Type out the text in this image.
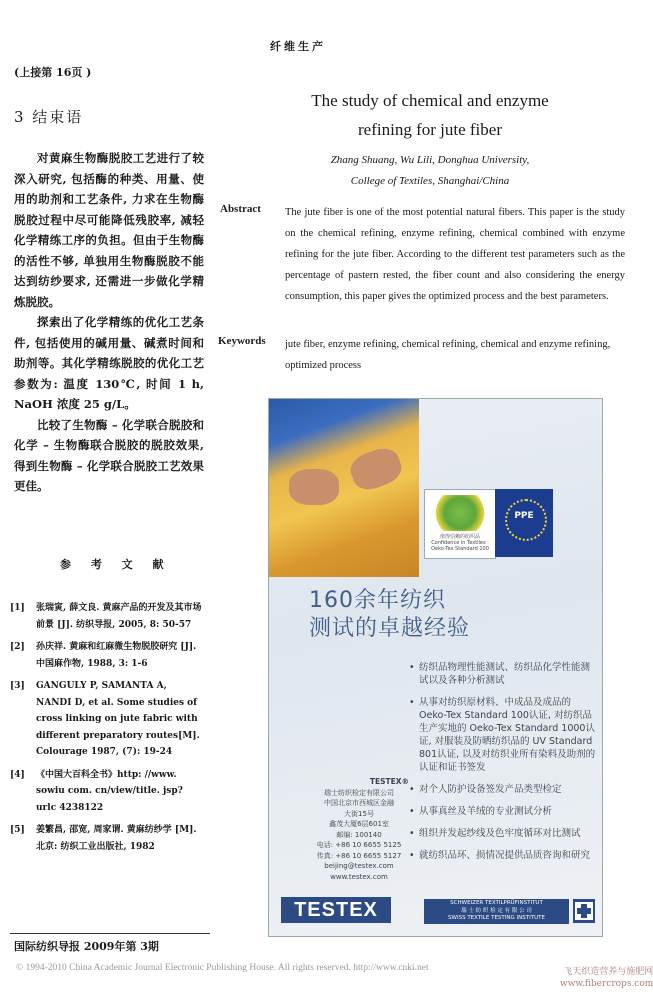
纤维生产
(上接第 16页 )
3 结束语

对黄麻生物酶脱胶工艺进行了较深入研究, 包括酶的种类、用量、使用的助剂和工艺条件, 力求在生物酶脱胶过程中尽可能降低残胶率, 减轻化学精练工序的负担。但由于生物酶的活性不够, 单独用生物酶脱胶不能达到纺纱要求, 还需进一步做化学精炼脱胶。

探索出了化学精练的优化工艺条件, 包括使用的碱用量、碱煮时间和助剂等。其化学精练脱胶的优化工艺参数为: 温度 130℃, 时间 1 h, NaOH 浓度 25 g/L。

比较了生物酶 – 化学联合脱胶和化学 – 生物酶联合脱胶的脱胶效果, 得到生物酶 – 化学联合脱胶工艺效果更佳。

参 考 文 献
[1]	张瑞寅, 薛文良. 黄麻产品的开发及其市场前景 [J]. 纺织导报, 2005, 8: 50-57
[2]	孙庆祥. 黄麻和红麻微生物脱胶研究 [J]. 中国麻作物, 1988, 3: 1-6
[3]	GANGULY P, SAMANTA A, NANDI D, et al. Some studies of cross linking on jute fabric with different preparatory routes[M]. Colourage 1987, (7): 19-24
[4]	《中国大百科全书》http: //www. sowiu com. cn/view/title. jsp? urlc 4238122
[5]	姜繁昌, 邵宽, 周家谓. 黄麻纺纱学 [M]. 北京: 纺织工业出版社, 1982
国际纺织导报 2009年第 3期
© 1994-2010 China Academic Journal Electronic Publishing House. All rights reserved. http://www.cnki.net	飞天织造营养与施肥网
www.fibercrops.com
The study of chemical and enzyme
refining for jute fiber
Zhang Shuang, Wu Lili, Donghua University,
College of Textiles, Shanghai/China
Abstract The jute fiber is one of the most potential natural fibers. This paper is the study on the chemical refining, enzyme refining, chemical combined with enzyme refining for the jute fiber. According to the different test parameters such as the percentage of pastern rested, the fiber count and also considering the energy consumption, this paper gives the optimized process and the best parameters.
Keywords jute fiber, enzyme refining, chemical refining, chemical and enzyme refining, optimized process
值得信赖的纺织品 Confidence in Textiles · Oeko-Tex Standard 100
PPE
160余年纺织
测试的卓越经验
• 纺织品物理性能测试、纺织品化学性能测试以及各种分析测试
• 从事对纺织原材料、中成品及成品的 Oeko-Tex Standard 100认证, 对纺织品生产实地的 Oeko-Tex Standard 1000认证, 对服装及防晒纺织品的 UV Standard 801认证, 以及对纺织业所有染料及助剂的认证和证书签发
• 对个人防护设备签发产品类型检定
• 从事真丝及羊绒的专业测试分析
• 组织并发起纱线及色牢度循环对比测试
• 就纺织品环、损情况提供品质咨询和研究
TESTEX®
瑞士纺织检定有限公司
中国北京市西城区金融
大街15号
鑫茂大厦6层601室
邮编: 100140
电话: +86 10 6655 5125
传真: +86 10 6655 5127
beijing@testex.com
www.testex.com
TESTEX	SCHWEIZER TEXTILPRÜFINSTITUT
瑞 士 纺 织 检 定 有 限 公 司
SWISS TEXTILE TESTING INSTITUTE
